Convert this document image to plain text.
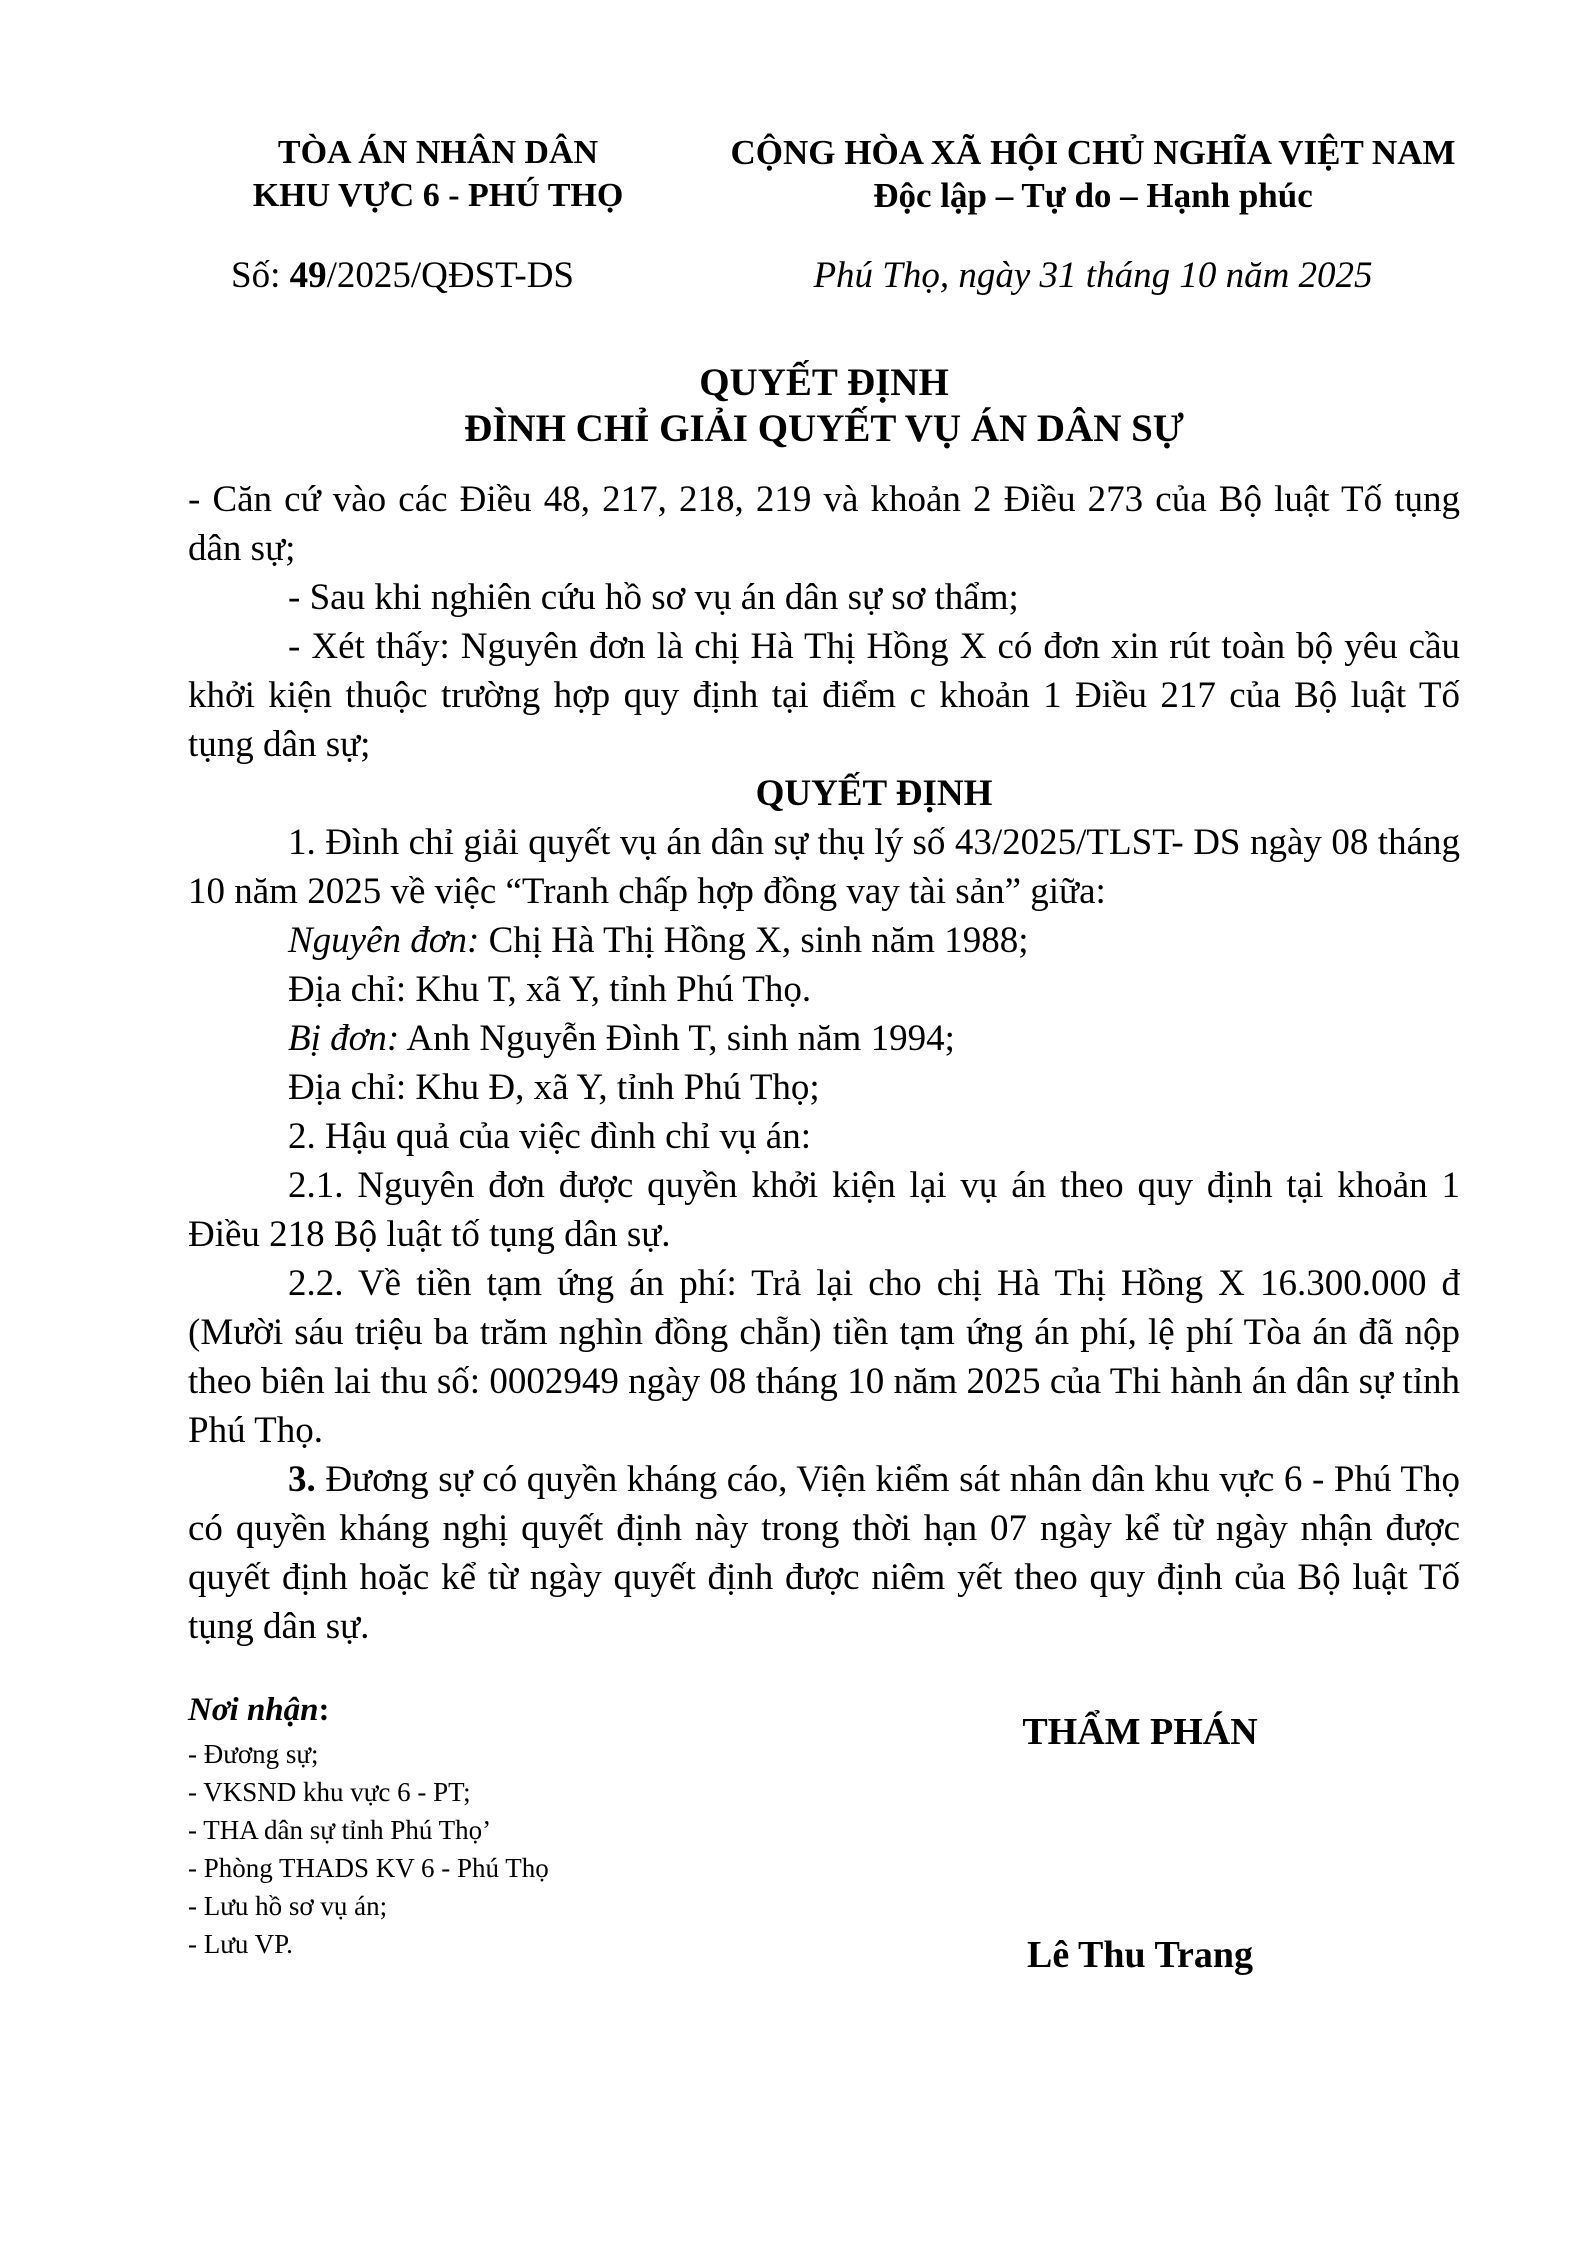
TÒA ÁN NHÂN DÂN
KHU VỰC 6 - PHÚ THỌ
CỘNG HÒA XÃ HỘI CHỦ NGHĨA VIỆT NAM
Độc lập – Tự do – Hạnh phúc
Số: 49/2025/QĐST-DS	Phú Thọ, ngày 31 tháng 10 năm 2025
QUYẾT ĐỊNH
ĐÌNH CHỈ GIẢI QUYẾT VỤ ÁN DÂN SỰ

- Căn cứ vào các Điều 48, 217, 218, 219 và khoản 2 Điều 273 của Bộ luật Tố tụng dân sự;

- Sau khi nghiên cứu hồ sơ vụ án dân sự sơ thẩm;

- Xét thấy: Nguyên đơn là chị Hà Thị Hồng X có đơn xin rút toàn bộ yêu cầu khởi kiện thuộc trường hợp quy định tại điểm c khoản 1 Điều 217 của Bộ luật Tố tụng dân sự;

QUYẾT ĐỊNH

1. Đình chỉ giải quyết vụ án dân sự thụ lý số 43/2025/TLST- DS ngày 08 tháng 10 năm 2025 về việc “Tranh chấp hợp đồng vay tài sản” giữa:

Nguyên đơn: Chị Hà Thị Hồng X, sinh năm 1988;

Địa chỉ: Khu T, xã Y, tỉnh Phú Thọ.

Bị đơn: Anh Nguyễn Đình T, sinh năm 1994;

Địa chỉ: Khu Đ, xã Y, tỉnh Phú Thọ;

2. Hậu quả của việc đình chỉ vụ án:

2.1. Nguyên đơn được quyền khởi kiện lại vụ án theo quy định tại khoản 1 Điều 218 Bộ luật tố tụng dân sự.

2.2. Về tiền tạm ứng án phí: Trả lại cho chị Hà Thị Hồng X 16.300.000 đ (Mười sáu triệu ba trăm nghìn đồng chẵn) tiền tạm ứng án phí, lệ phí Tòa án đã nộp theo biên lai thu số: 0002949 ngày 08 tháng 10 năm 2025 của Thi hành án dân sự tỉnh Phú Thọ.

3. Đương sự có quyền kháng cáo, Viện kiểm sát nhân dân khu vực 6 - Phú Thọ có quyền kháng nghị quyết định này trong thời hạn 07 ngày kể từ ngày nhận được quyết định hoặc kể từ ngày quyết định được niêm yết theo quy định của Bộ luật Tố tụng dân sự.

Nơi nhận:
- Đương sự;
- VKSND khu vực 6 - PT;
- THA dân sự tỉnh Phú Thọ’
- Phòng THADS KV 6 - Phú Thọ
- Lưu hồ sơ vụ án;
- Lưu VP.
THẨM PHÁN
Lê Thu Trang
